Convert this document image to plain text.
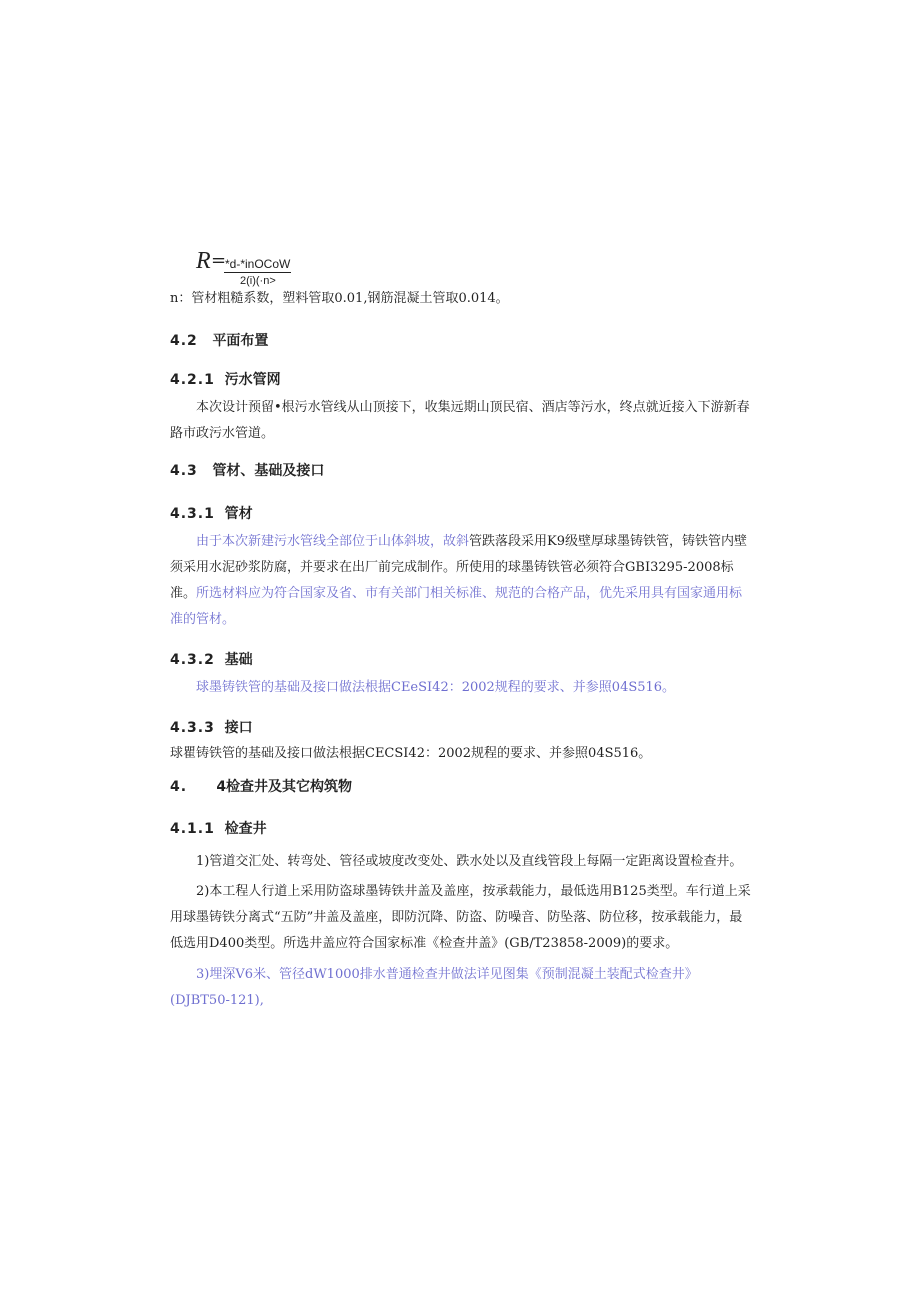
R =
*d-*inOCoW
2(i)(·n>

n：管材粗糙系数，塑料管取0.01,钢筋混凝土管取0.014。

4.2 平面布置
4.2.1 污水管网

本次设计预留•根污水管线从山顶接下，收集远期山顶民宿、酒店等污水，终点就近接入下游新春路市政污水管道。

4.3 管材、基础及接口
4.3.1 管材

由于本次新建污水管线全部位于山体斜坡，故斜管跌落段采用K9级壁厚球墨铸铁管，铸铁管内壁须采用水泥砂浆防腐，并要求在出厂前完成制作。所使用的球墨铸铁管必须符合GBI3295-2008标准。 所选材料应为符合国家及省、市有关部门相关标准、规范的合格产品，优先采用具有国家通用标准的管材。

4.3.2 基础

球墨铸铁管的基础及接口做法根据CEeSI42：2002规程的要求、并参照04S516。

4.3.3 接口

球瞿铸铁管的基础及接口做法根据CECSI42：2002规程的要求、并参照04S516。

4. 4检查井及其它构筑物
4.1.1 检查井

1)管道交汇处、转弯处、管径或坡度改变处、跌水处以及直线管段上每隔一定距离设置检查井。

2)本工程人行道上采用防盗球墨铸铁井盖及盖座，按承载能力，最低选用B125类型。车行道上采用球墨铸铁分离式“五防”井盖及盖座，即防沉降、防盗、防噪音、防坠落、防位移，按承载能力，最低选用D400类型。所选井盖应符合国家标准《检查井盖》(GB/T23858-2009)的要求。

3)埋深V6米、管径dW1000排水普通检查井做法详见图集《预制混凝土装配式检查井》(DJBT50-121),
